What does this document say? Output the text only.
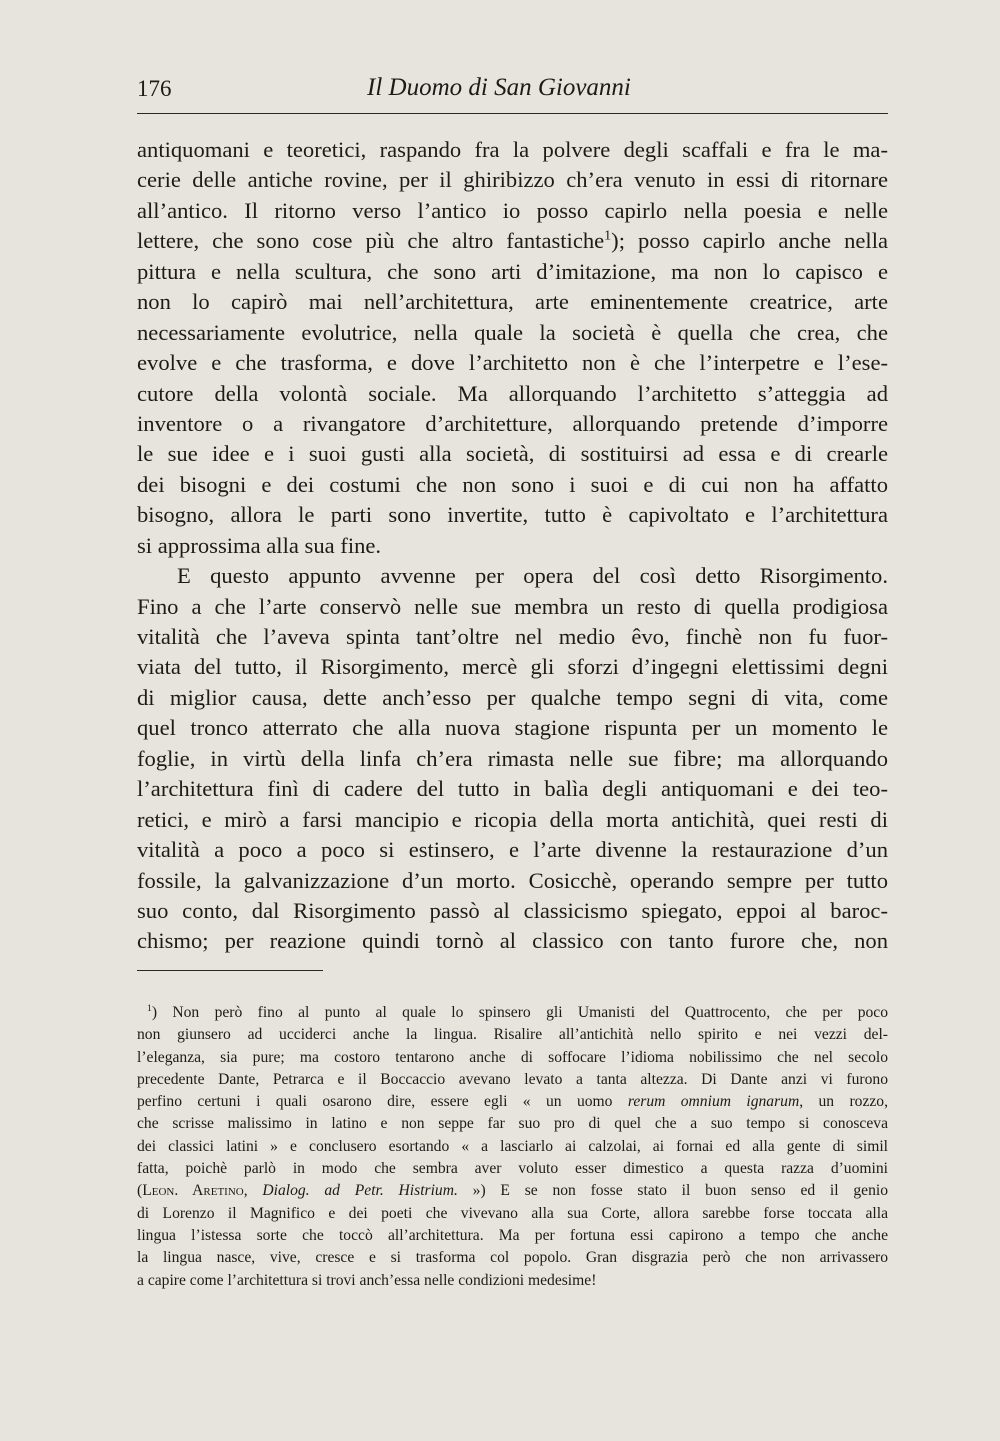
176	Il Duomo di San Giovanni
antiquomani e teoretici, raspando fra la polvere degli scaffali e fra le ma-
cerie delle antiche rovine, per il ghiribizzo ch’era venuto in essi di ritornare
all’antico. Il ritorno verso l’antico io posso capirlo nella poesia e nelle
lettere, che sono cose più che altro fantastiche$^1$); posso capirlo anche nella
pittura e nella scultura, che sono arti d’imitazione, ma non lo capisco e
non lo capirò mai nell’architettura, arte eminentemente creatrice, arte
necessariamente evolutrice, nella quale la società è quella che crea, che
evolve e che trasforma, e dove l’architetto non è che l’interpetre e l’ese-
cutore della volontà sociale. Ma allorquando l’architetto s’atteggia ad
inventore o a rivangatore d’architetture, allorquando pretende d’imporre
le sue idee e i suoi gusti alla società, di sostituirsi ad essa e di crearle
dei bisogni e dei costumi che non sono i suoi e di cui non ha affatto
bisogno, allora le parti sono invertite, tutto è capivoltato e l’architettura
si approssima alla sua fine.
E questo appunto avvenne per opera del così detto Risorgimento.
Fino a che l’arte conservò nelle sue membra un resto di quella prodigiosa
vitalità che l’aveva spinta tant’oltre nel medio êvo, finchè non fu fuor-
viata del tutto, il Risorgimento, mercè gli sforzi d’ingegni elettissimi degni
di miglior causa, dette anch’esso per qualche tempo segni di vita, come
quel tronco atterrato che alla nuova stagione rispunta per un momento le
foglie, in virtù della linfa ch’era rimasta nelle sue fibre; ma allorquando
l’architettura finì di cadere del tutto in balìa degli antiquomani e dei teo-
retici, e mirò a farsi mancipio e ricopia della morta antichità, quei resti di
vitalità a poco a poco si estinsero, e l’arte divenne la restaurazione d’un
fossile, la galvanizzazione d’un morto. Cosicchè, operando sempre per tutto
suo conto, dal Risorgimento passò al classicismo spiegato, eppoi al baroc-
chismo; per reazione quindi tornò al classico con tanto furore che, non
$^1$) Non però fino al punto al quale lo spinsero gli Umanisti del Quattrocento, che per poco
non giunsero ad ucciderci anche la lingua. Risalire all’antichità nello spirito e nei vezzi del-
l’eleganza, sia pure; ma costoro tentarono anche di soffocare l’idioma nobilissimo che nel secolo
precedente Dante, Petrarca e il Boccaccio avevano levato a tanta altezza. Di Dante anzi vi furono
perfino certuni i quali osarono dire, essere egli « un uomo rerum omnium ignarum, un rozzo,
che scrisse malissimo in latino e non seppe far suo pro di quel che a suo tempo si conosceva
dei classici latini » e conclusero esortando « a lasciarlo ai calzolai, ai fornai ed alla gente di simil
fatta, poichè parlò in modo che sembra aver voluto esser dimestico a questa razza d’uomini
(Leon. Aretino, Dialog. ad Petr. Histrium. ») E se non fosse stato il buon senso ed il genio
di Lorenzo il Magnifico e dei poeti che vivevano alla sua Corte, allora sarebbe forse toccata alla
lingua l’istessa sorte che toccò all’architettura. Ma per fortuna essi capirono a tempo che anche
la lingua nasce, vive, cresce e si trasforma col popolo. Gran disgrazia però che non arrivassero
a capire come l’architettura si trovi anch’essa nelle condizioni medesime!
